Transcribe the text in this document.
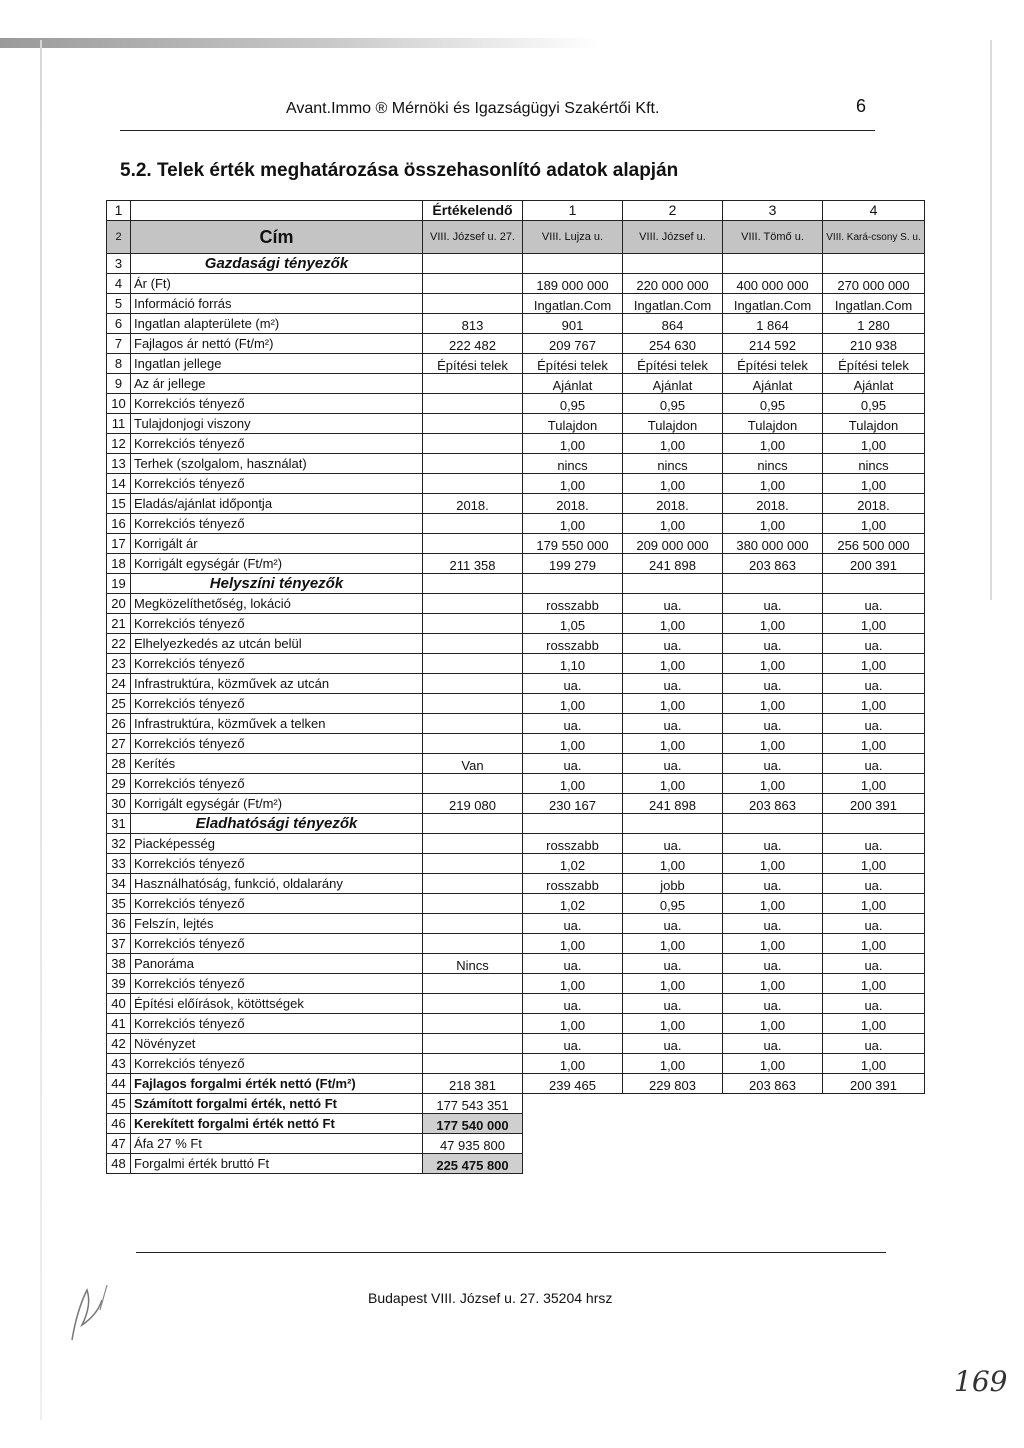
Avant.Immo ® Mérnöki és Igazságügyi Szakértői Kft.	6
5.2. Telek érték meghatározása összehasonlító adatok alapján
1		Értékelendő	1	2	3	4
2	Cím	VIII. József u. 27.	VIII. Lujza u.	VIII. József u.	VIII. Tömő u.	VIII. Kará-csony S. u.
3	Gazdasági tényezők					
4	Ár (Ft)		189 000 000	220 000 000	400 000 000	270 000 000
5	Információ forrás		Ingatlan.Com	Ingatlan.Com	Ingatlan.Com	Ingatlan.Com
6	Ingatlan alapterülete (m²)	813	901	864	1 864	1 280
7	Fajlagos ár nettó (Ft/m²)	222 482	209 767	254 630	214 592	210 938
8	Ingatlan jellege	Építési telek	Építési telek	Építési telek	Építési telek	Építési telek
9	Az ár jellege		Ajánlat	Ajánlat	Ajánlat	Ajánlat
10	Korrekciós tényező		0,95	0,95	0,95	0,95
11	Tulajdonjogi viszony		Tulajdon	Tulajdon	Tulajdon	Tulajdon
12	Korrekciós tényező		1,00	1,00	1,00	1,00
13	Terhek (szolgalom, használat)		nincs	nincs	nincs	nincs
14	Korrekciós tényező		1,00	1,00	1,00	1,00
15	Eladás/ajánlat időpontja	2018.	2018.	2018.	2018.	2018.
16	Korrekciós tényező		1,00	1,00	1,00	1,00
17	Korrigált ár		179 550 000	209 000 000	380 000 000	256 500 000
18	Korrigált egységár (Ft/m²)	211 358	199 279	241 898	203 863	200 391
19	Helyszíni tényezők					
20	Megközelíthetőség, lokáció		rosszabb	ua.	ua.	ua.
21	Korrekciós tényező		1,05	1,00	1,00	1,00
22	Elhelyezkedés az utcán belül		rosszabb	ua.	ua.	ua.
23	Korrekciós tényező		1,10	1,00	1,00	1,00
24	Infrastruktúra, közművek az utcán		ua.	ua.	ua.	ua.
25	Korrekciós tényező		1,00	1,00	1,00	1,00
26	Infrastruktúra, közművek a telken		ua.	ua.	ua.	ua.
27	Korrekciós tényező		1,00	1,00	1,00	1,00
28	Kerítés	Van	ua.	ua.	ua.	ua.
29	Korrekciós tényező		1,00	1,00	1,00	1,00
30	Korrigált egységár (Ft/m²)	219 080	230 167	241 898	203 863	200 391
31	Eladhatósági tényezők					
32	Piacképesség		rosszabb	ua.	ua.	ua.
33	Korrekciós tényező		1,02	1,00	1,00	1,00
34	Használhatóság, funkció, oldalarány		rosszabb	jobb	ua.	ua.
35	Korrekciós tényező		1,02	0,95	1,00	1,00
36	Felszín, lejtés		ua.	ua.	ua.	ua.
37	Korrekciós tényező		1,00	1,00	1,00	1,00
38	Panoráma	Nincs	ua.	ua.	ua.	ua.
39	Korrekciós tényező		1,00	1,00	1,00	1,00
40	Építési előírások, kötöttségek		ua.	ua.	ua.	ua.
41	Korrekciós tényező		1,00	1,00	1,00	1,00
42	Növényzet		ua.	ua.	ua.	ua.
43	Korrekciós tényező		1,00	1,00	1,00	1,00
44	Fajlagos forgalmi érték nettó (Ft/m²)	218 381	239 465	229 803	203 863	200 391
45	Számított forgalmi érték, nettó Ft	177 543 351				
46	Kerekített forgalmi érték nettó Ft	177 540 000				
47	Áfa 27 % Ft	47 935 800				
48	Forgalmi érték bruttó Ft	225 475 800				
Budapest VIII. József u. 27. 35204 hrsz
169
